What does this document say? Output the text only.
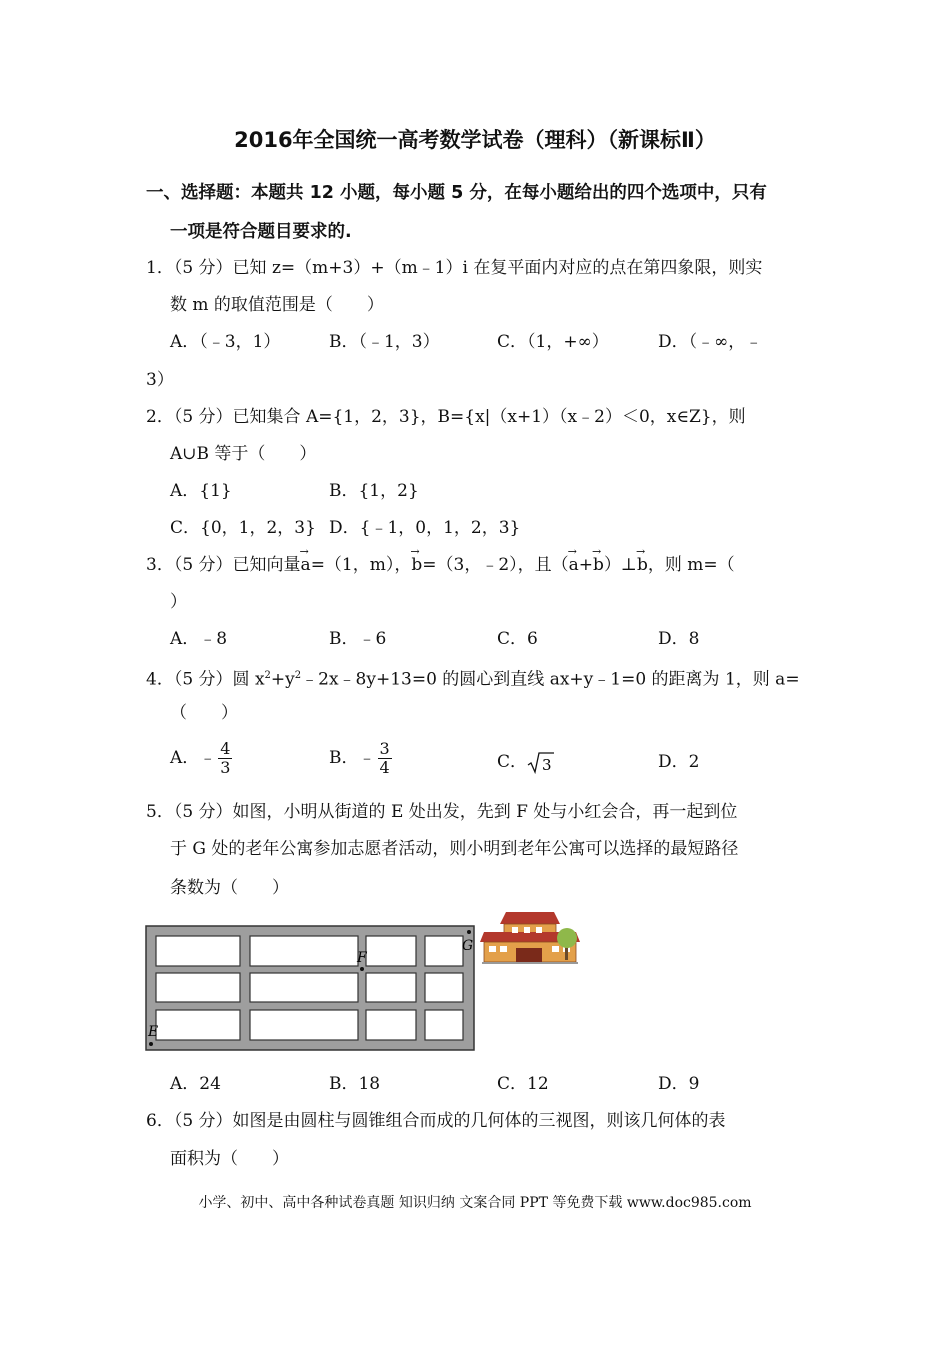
2016年全国统一高考数学试卷（理科）（新课标Ⅱ）
一、选择题：本题共 12 小题，每小题 5 分，在每小题给出的四个选项中，只有
一项是符合题目要求的.
1．（5 分）已知 z=（m+3）+（m﹣1）i 在复平面内对应的点在第四象限，则实
数 m 的取值范围是（　　）
A．（﹣3，1）	B．（﹣1，3）	C．（1，+∞）	D．（﹣∞，﹣
3）
2．（5 分）已知集合 A={1，2，3}，B={x|（x+1）（x﹣2）＜0，x∈Z}，则
A∪B 等于（　　）
A．{1}	B．{1，2}
C．{0，1，2，3} D．{﹣1，0，1，2，3}
3．（5 分）已知向量→ a=（1，m），→ b=（3，﹣2），且（→ a+→ b）⊥→ b，则 m=（
）
A．﹣8	B．﹣6	C．6	D．8
4．（5 分）圆 $x^2+y^2﹣2x﹣8y+13=0$ 的圆心到直线 ax+y﹣1=0 的距离为 1，则 a=
（　　）
A．﹣ $\frac{4}{3}$	B．﹣ $\frac{3}{4}$	C． 3	D．2
5．（5 分）如图，小明从街道的 E 处出发，先到 F 处与小红会合，再一起到位
于 G 处的老年公寓参加志愿者活动，则小明到老年公寓可以选择的最短路径
条数为（　　）
E
F
G
A．24	B．18	C．12	D．9
6．（5 分）如图是由圆柱与圆锥组合而成的几何体的三视图，则该几何体的表
面积为（　　）
小学、初中、高中各种试卷真题 知识归纳 文案合同 PPT 等免费下载 www.doc985.com
